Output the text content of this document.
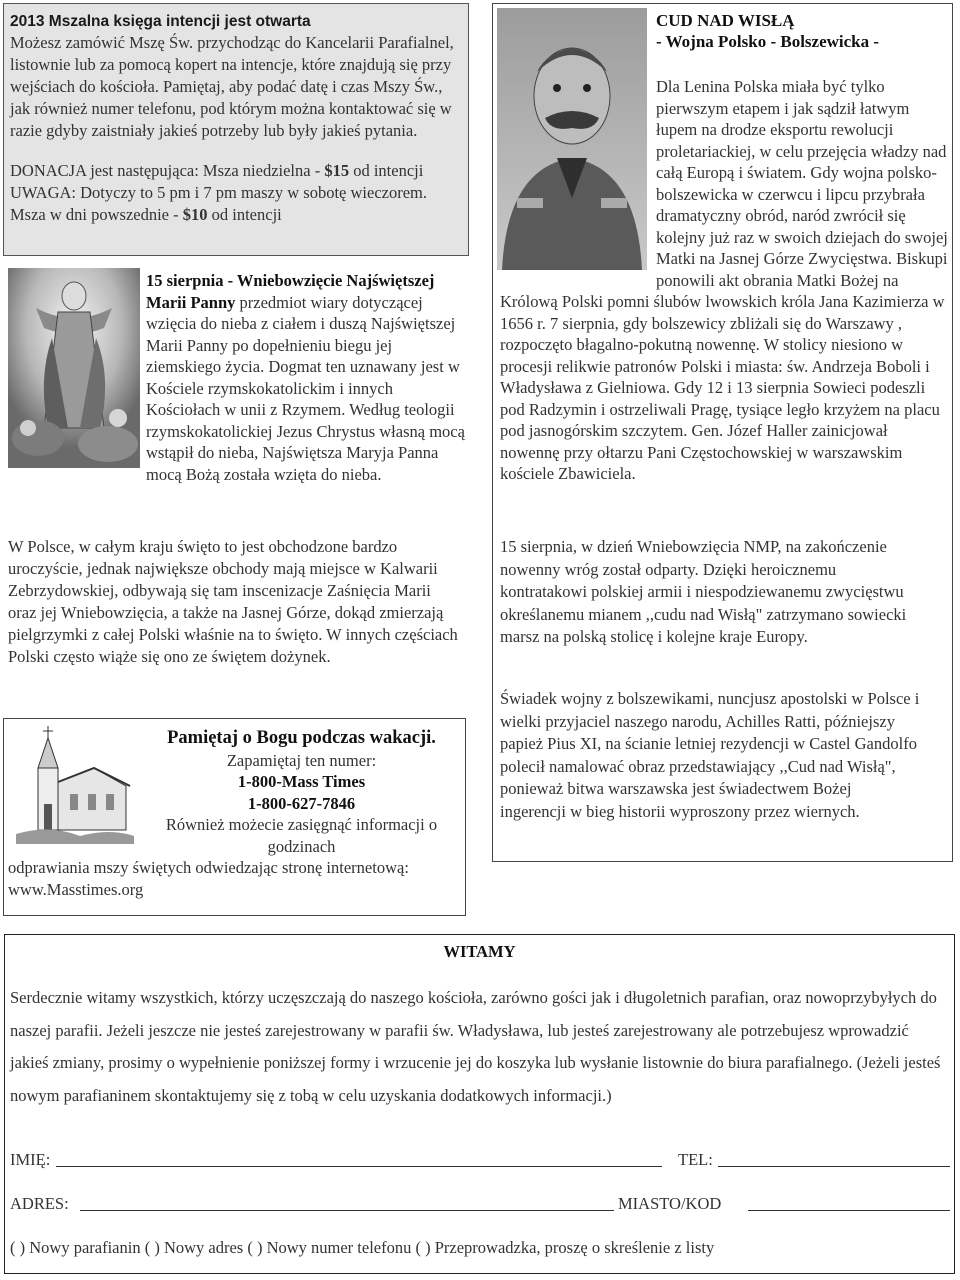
2013 Mszalna księga intencji jest otwarta

Możesz zamówić Mszę Św. przychodząc do Kancelarii Parafialnel, listownie lub za pomocą kopert na intencje, które znajdują się przy wejściach do kościoła. Pamiętaj, aby podać datę i czas Mszy Św., jak również numer telefonu, pod którym można kontaktować się w razie gdyby zaistniały jakieś potrzeby lub były jakieś pytania.

DONACJA jest następująca: Msza niedzielna - $15 od intencji UWAGA: Dotyczy to 5 pm i 7 pm maszy w sobotę wieczorem. Msza w dni powszednie - $10 od intencji

15 sierpnia - Wniebowzięcie Najświętszej Marii Panny przedmiot wiary dotyczącej wzięcia do nieba z ciałem i duszą Najświętszej Marii Panny po dopełnieniu biegu jej ziemskiego życia. Dogmat ten uznawany jest w Kościele rzymskokatolickim i innych Kościołach w unii z Rzymem. Według teologii rzymskokatolickiej Jezus Chrystus własną mocą wstąpił do nieba, Najświętsza Maryja Panna mocą Bożą została wzięta do nieba.

W Polsce, w całym kraju święto to jest obchodzone bardzo uroczyście, jednak największe obchody mają miejsce w Kalwarii Zebrzydowskiej, odbywają się tam inscenizacje Zaśnięcia Marii oraz jej Wniebowzięcia, a także na Jasnej Górze, dokąd zmierzają pielgrzymki z całej Polski właśnie na to święto. W innych częściach Polski często wiąże się ono ze świętem dożynek.

Pamiętaj o Bogu podczas wakacji.
Zapamiętaj ten numer:
1-800-Mass Times
1-800-627-7846
Również możecie zasięgnąć informacji o godzinach
odprawiania mszy świętych odwiedzając stronę internetową: www.Masstimes.org
CUD NAD WISŁĄ
- Wojna Polsko - Bolszewicka -
Dla Lenina Polska miała być tylko pierwszym etapem i jak sądził łatwym łupem na drodze eksportu rewolucji proletariackiej, w celu przejęcia władzy nad całą Europą i światem. Gdy wojna polsko-bolszewicka w czerwcu i lipcu przybrała dramatyczny obród, naród zwrócił się kolejny już raz w swoich dziejach do swojej Matki na Jasnej Górze Zwycięstwa. Biskupi ponowili akt obrania Matki Bożej na Królową Polski pomni ślubów lwowskich króla Jana Kazimierza w 1656 r. 7 sierpnia, gdy bolszewicy zbliżali się do Warszawy , rozpoczęto błagalno-pokutną nowennę. W stolicy niesiono w procesji relikwie patronów Polski i miasta: św. Andrzeja Boboli i Władysława z Gielniowa. Gdy 12 i 13 sierpnia Sowieci podeszli pod Radzymin i ostrzeliwali Pragę, tysiące legło krzyżem na placu pod jasnogórskim szczytem. Gen. Józef Haller zainicjował nowennę przy ołtarzu Pani Częstochowskiej w warszawskim kościele Zbawiciela.

15 sierpnia, w dzień Wniebowzięcia NMP, na zakończenie nowenny wróg został odparty. Dzięki heroicznemu kontratakowi polskiej armii i niespodziewanemu zwycięstwu określanemu mianem ,,cudu nad Wisłą" zatrzymano sowiecki marsz na polską stolicę i kolejne kraje Europy.

Świadek wojny z bolszewikami, nuncjusz apostolski w Polsce i wielki przyjaciel naszego narodu, Achilles Ratti, późniejszy papież Pius XI, na ścianie letniej rezydencji w Castel Gandolfo polecił namalować obraz przedstawiający ,,Cud nad Wisłą", ponieważ bitwa warszawska jest świadectwem Bożej ingerencji w bieg historii wyproszony przez wiernych.

WITAMY

Serdecznie witamy wszystkich, którzy uczęszczają do naszego kościoła, zarówno gości jak i długoletnich parafian, oraz nowoprzybyłych do naszej parafii. Jeżeli jeszcze nie jesteś zarejestrowany w parafii św. Władysława, lub jesteś zarejestrowany ale potrzebujesz wprowadzić jakieś zmiany, prosimy o wypełnienie poniższej formy i wrzucenie jej do koszyka lub wysłanie listownie do biura parafialnego. (Jeżeli jesteś nowym parafianinem skontaktujemy się z tobą w celu uzyskania dodatkowych informacji.)

IMIĘ:	TEL:
ADRES:	MIASTO/KOD
( ) Nowy parafianin ( ) Nowy adres ( ) Nowy numer telefonu ( ) Przeprowadzka, proszę o skreślenie z listy
